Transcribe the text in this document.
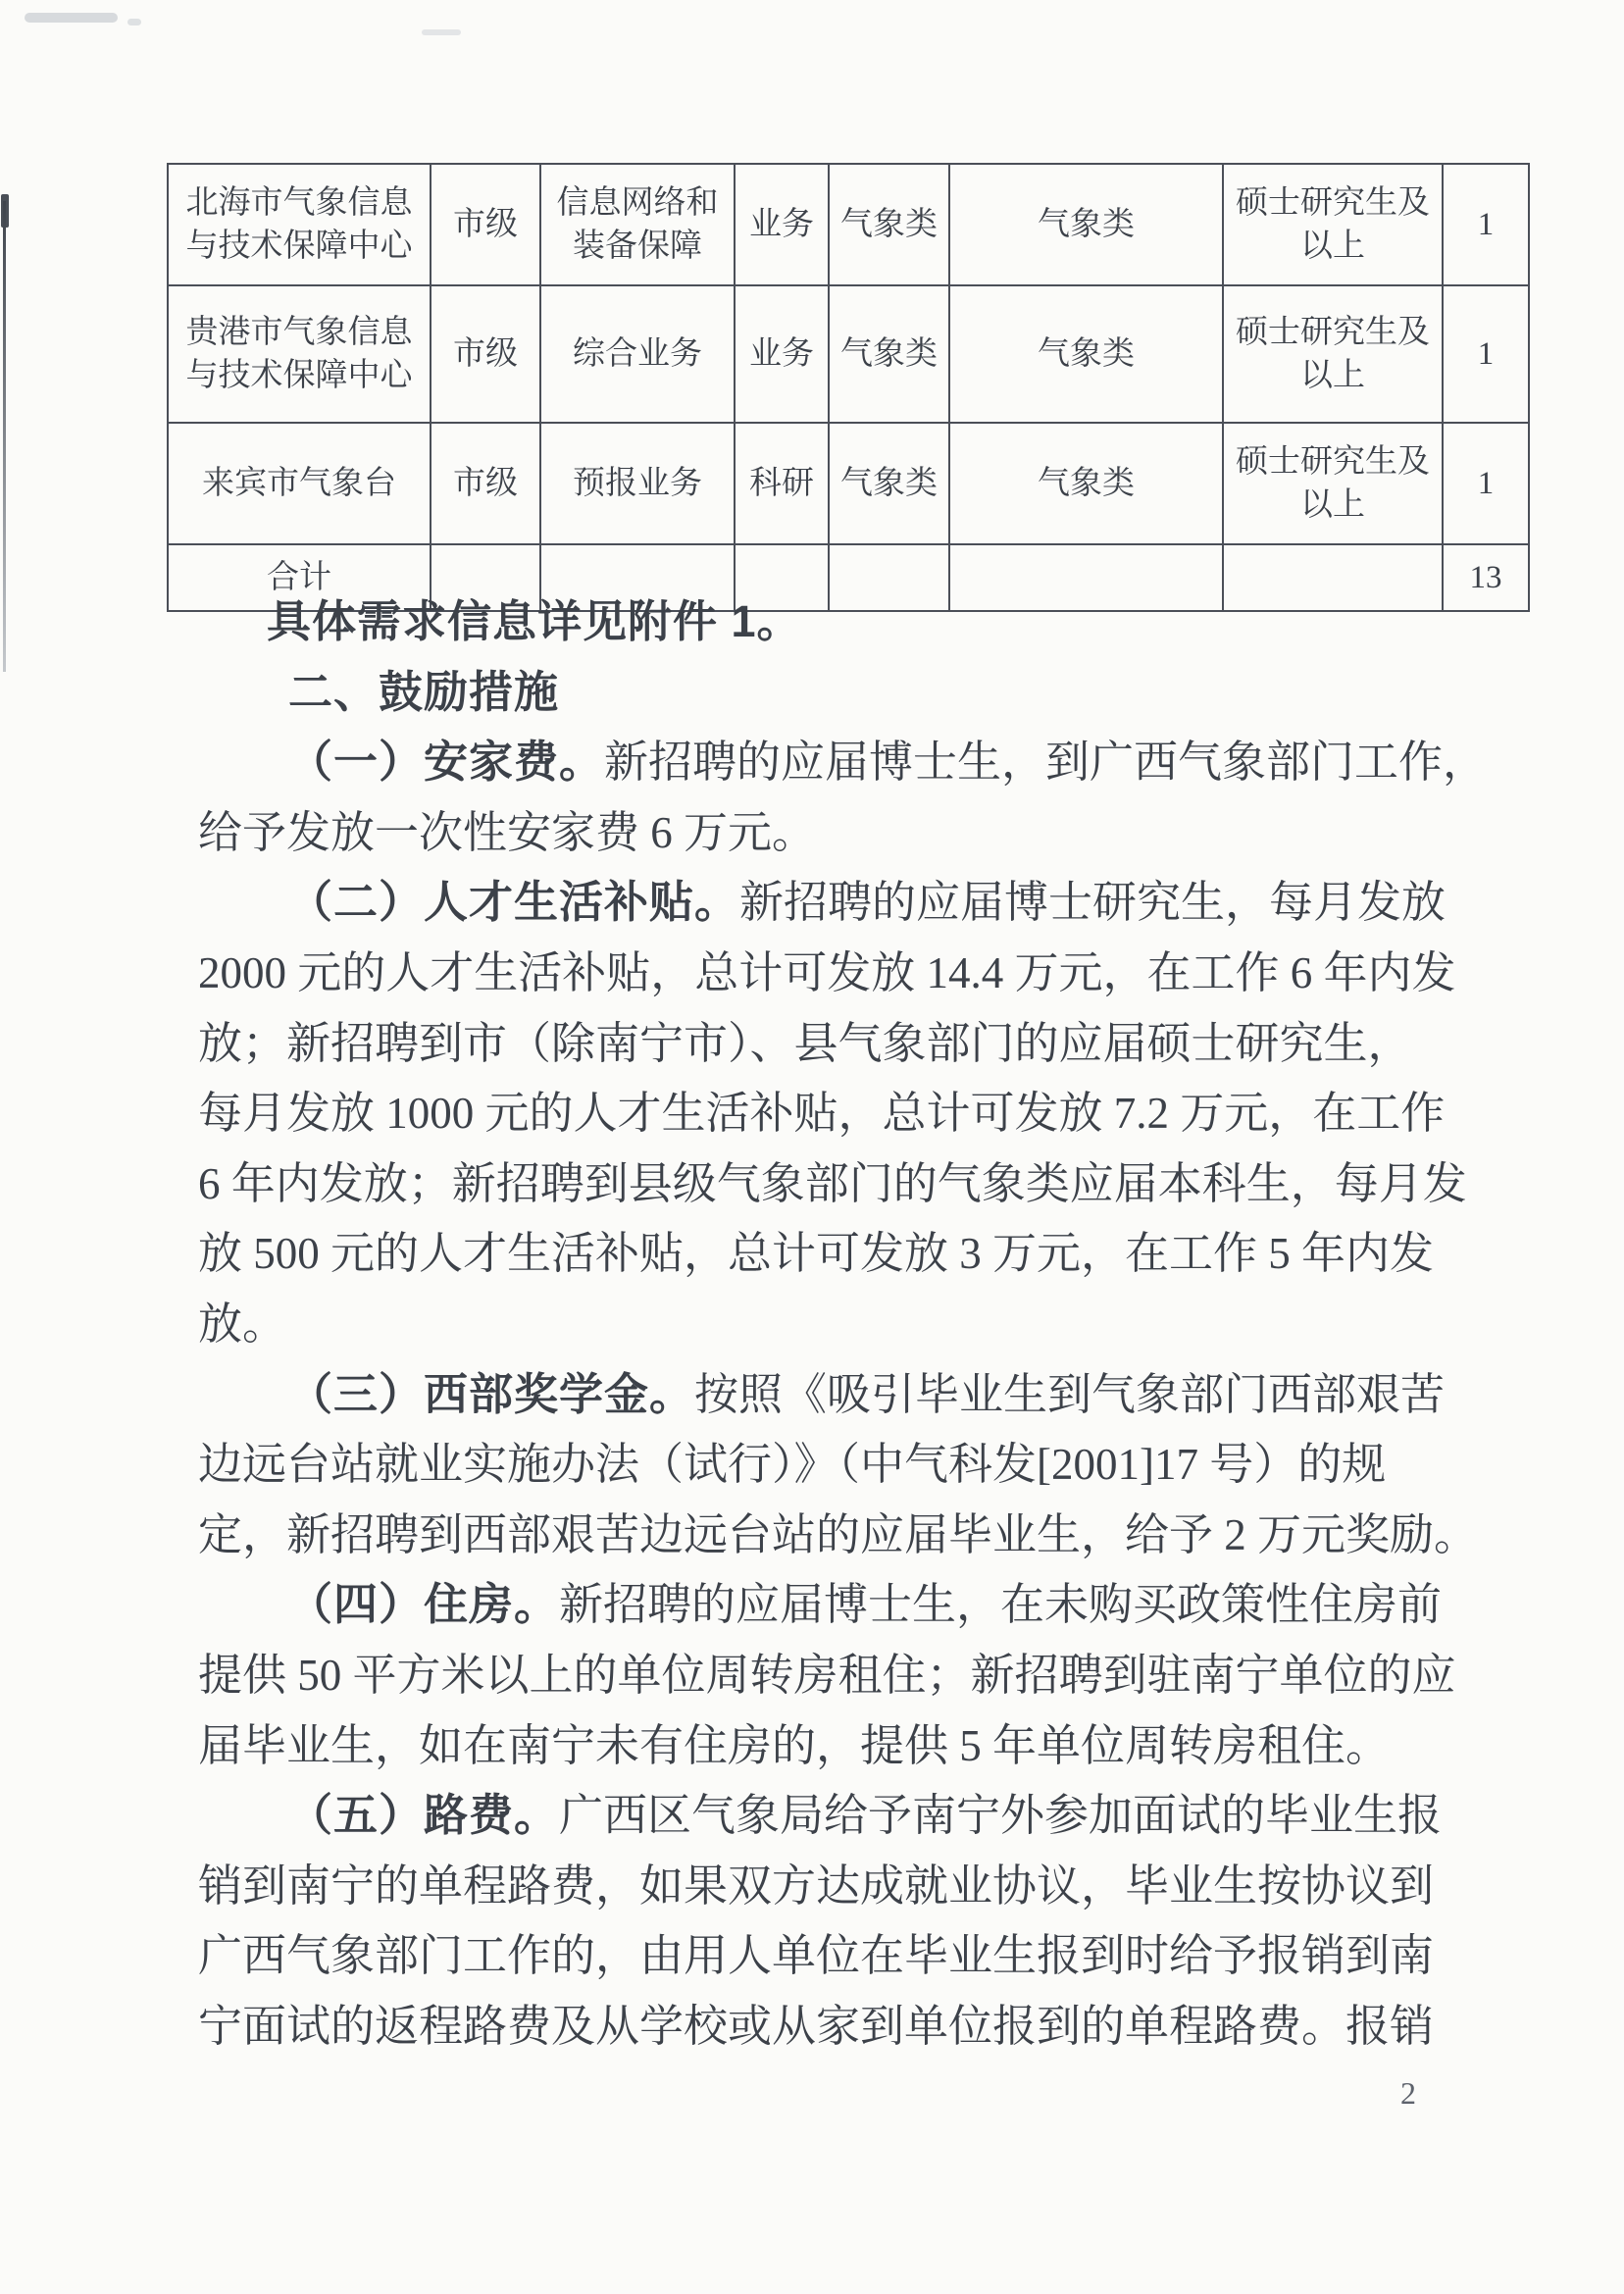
北海市气象信息与技术保障中心	市级	信息网络和装备保障	业务	气象类	气象类	硕士研究生及以上	1
贵港市气象信息与技术保障中心	市级	综合业务	业务	气象类	气象类	硕士研究生及以上	1
来宾市气象台	市级	预报业务	科研	气象类	气象类	硕士研究生及以上	1
合计							13
具体需求信息详见附件 1。
二、鼓励措施
（一）安家费。新招聘的应届博士生，到广西气象部门工作，
给予发放一次性安家费 6 万元。
（二）人才生活补贴。新招聘的应届博士研究生，每月发放
2000 元的人才生活补贴，总计可发放 14.4 万元，在工作 6 年内发
放；新招聘到市（除南宁市）、县气象部门的应届硕士研究生，
每月发放 1000 元的人才生活补贴，总计可发放 7.2 万元，在工作
6 年内发放；新招聘到县级气象部门的气象类应届本科生，每月发
放 500 元的人才生活补贴，总计可发放 3 万元，在工作 5 年内发
放。
（三）西部奖学金。按照《吸引毕业生到气象部门西部艰苦
边远台站就业实施办法（试行）》（中气科发[2001]17 号）的规
定，新招聘到西部艰苦边远台站的应届毕业生，给予 2 万元奖励。
（四）住房。新招聘的应届博士生，在未购买政策性住房前
提供 50 平方米以上的单位周转房租住；新招聘到驻南宁单位的应
届毕业生，如在南宁未有住房的，提供 5 年单位周转房租住。
（五）路费。广西区气象局给予南宁外参加面试的毕业生报
销到南宁的单程路费，如果双方达成就业协议，毕业生按协议到
广西气象部门工作的，由用人单位在毕业生报到时给予报销到南
宁面试的返程路费及从学校或从家到单位报到的单程路费。报销
2
